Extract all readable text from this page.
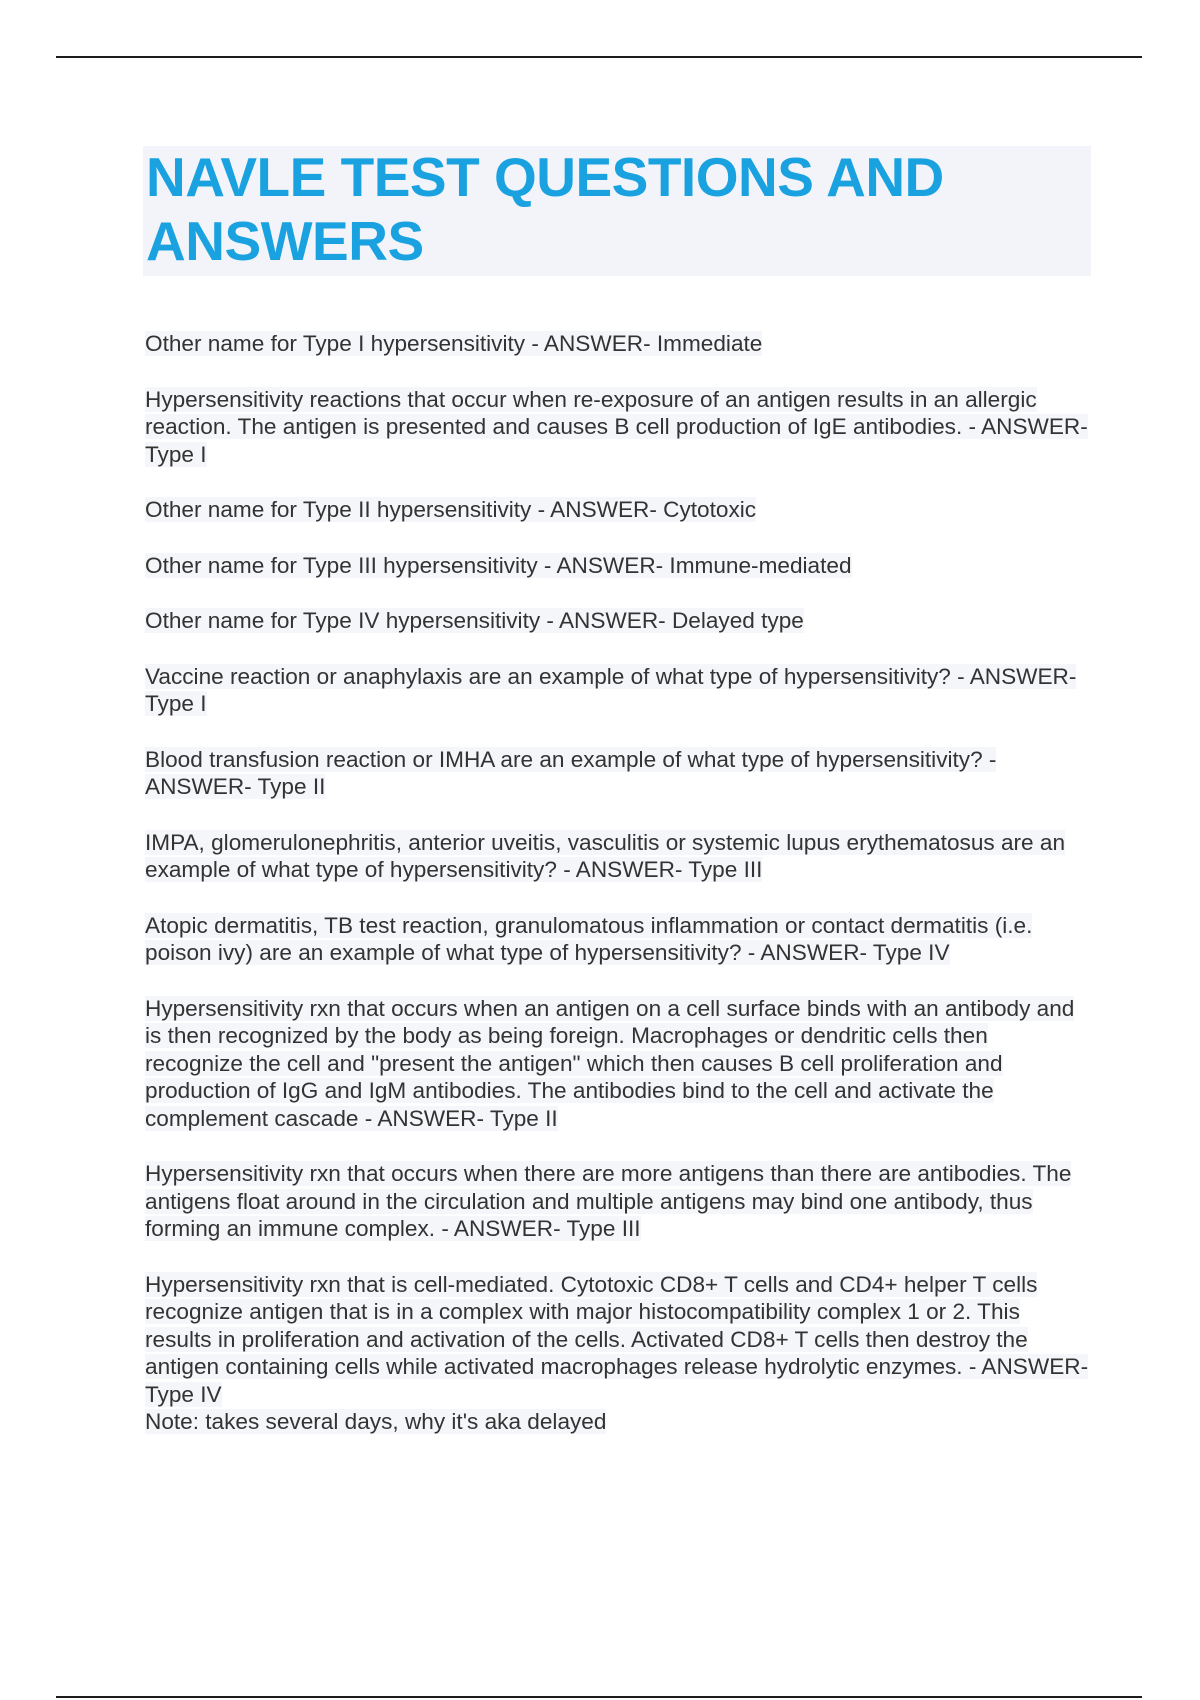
NAVLE TEST QUESTIONS AND ANSWERS

Other name for Type I hypersensitivity - ANSWER- Immediate

Hypersensitivity reactions that occur when re-exposure of an antigen results in an allergic reaction. The antigen is presented and causes B cell production of IgE antibodies. - ANSWER- Type I

Other name for Type II hypersensitivity - ANSWER- Cytotoxic

Other name for Type III hypersensitivity - ANSWER- Immune-mediated

Other name for Type IV hypersensitivity - ANSWER- Delayed type

Vaccine reaction or anaphylaxis are an example of what type of hypersensitivity? - ANSWER- Type I

Blood transfusion reaction or IMHA are an example of what type of hypersensitivity? - ANSWER- Type II

IMPA, glomerulonephritis, anterior uveitis, vasculitis or systemic lupus erythematosus are an example of what type of hypersensitivity? - ANSWER- Type III

Atopic dermatitis, TB test reaction, granulomatous inflammation or contact dermatitis (i.e. poison ivy) are an example of what type of hypersensitivity? - ANSWER- Type IV

Hypersensitivity rxn that occurs when an antigen on a cell surface binds with an antibody and is then recognized by the body as being foreign. Macrophages or dendritic cells then recognize the cell and "present the antigen" which then causes B cell proliferation and production of IgG and IgM antibodies. The antibodies bind to the cell and activate the complement cascade - ANSWER- Type II

Hypersensitivity rxn that occurs when there are more antigens than there are antibodies. The antigens float around in the circulation and multiple antigens may bind one antibody, thus forming an immune complex. - ANSWER- Type III

Hypersensitivity rxn that is cell-mediated. Cytotoxic CD8+ T cells and CD4+ helper T cells recognize antigen that is in a complex with major histocompatibility complex 1 or 2. This results in proliferation and activation of the cells. Activated CD8+ T cells then destroy the antigen containing cells while activated macrophages release hydrolytic enzymes. - ANSWER- Type IV
Note: takes several days, why it's aka delayed
